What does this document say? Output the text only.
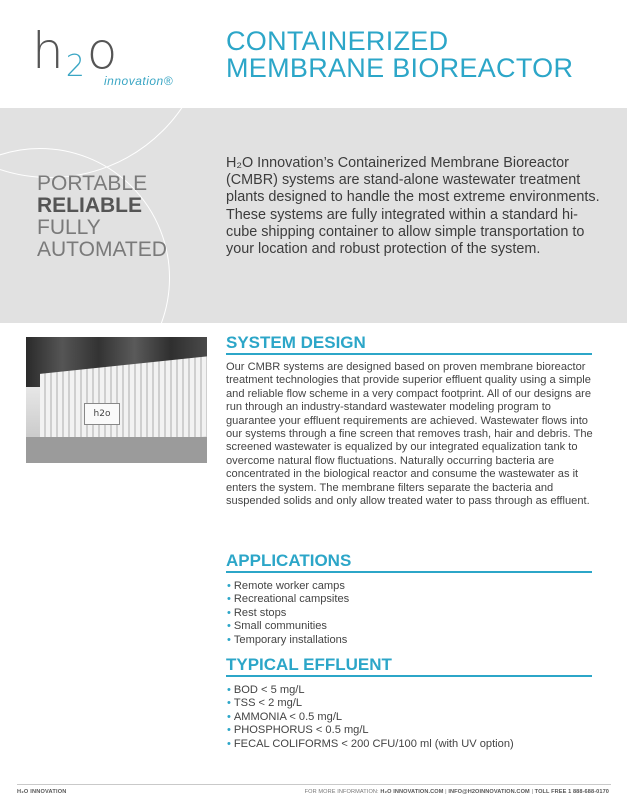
h2o
innovation®
CONTAINERIZED
MEMBRANE BIOREACTOR
PORTABLE
RELIABLE
FULLY
AUTOMATED

H₂O Innovation’s Containerized Membrane Bioreactor (CMBR) systems are stand-alone wastewater treatment plants designed to handle the most extreme environments. These systems are fully integrated within a standard hi-cube shipping container to allow simple transportation to your location and robust protection of the system.

h2o
SYSTEM DESIGN

Our CMBR systems are designed based on proven membrane bioreactor treatment technologies that provide superior effluent quality using a simple and reliable flow scheme in a very compact footprint. All of our designs are run through an industry-standard wastewater modeling program to guarantee your effluent requirements are achieved. Wastewater flows into our systems through a fine screen that removes trash, hair and debris. The screened wastewater is equalized by our integrated equalization tank to overcome natural flow fluctuations. Naturally occurring bacteria are concentrated in the biological reactor and consume the wastewater as it enters the system. The membrane filters separate the bacteria and suspended solids and only allow treated water to pass through as effluent.

APPLICATIONS
• Remote worker camps
• Recreational campsites
• Rest stops
• Small communities
• Temporary installations
TYPICAL EFFLUENT
• BOD < 5 mg/L
• TSS < 2 mg/L
• AMMONIA < 0.5 mg/L
• PHOSPHORUS < 0.5 mg/L
• FECAL COLIFORMS < 200 CFU/100 ml (with UV option)
H₂O INNOVATION	FOR MORE INFORMATION: H₂O INNOVATION.COM | INFO@H2OINNOVATION.COM | TOLL FREE 1 888-688-0170
